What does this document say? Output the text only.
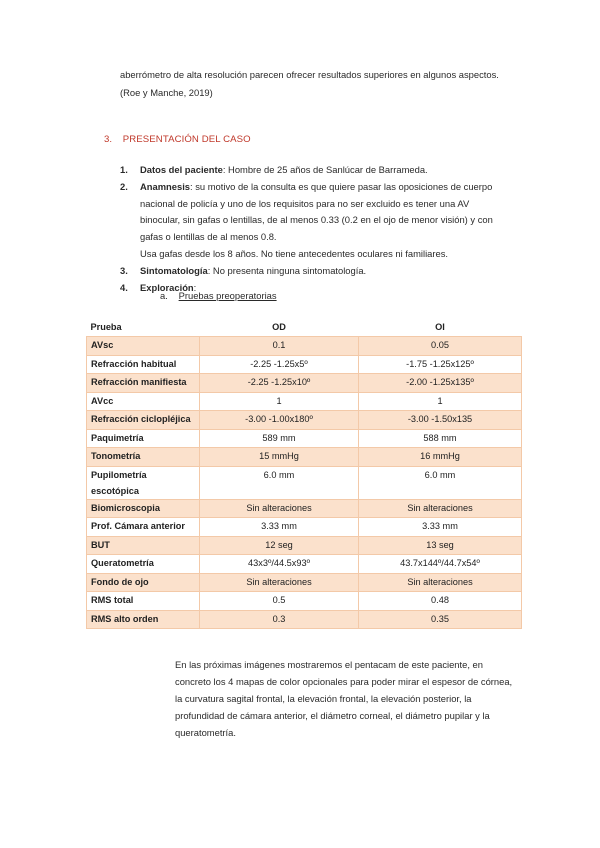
aberrómetro de alta resolución parecen ofrecer resultados superiores en algunos aspectos. (Roe y Manche, 2019)
3. PRESENTACIÓN DEL CASO
1. Datos del paciente: Hombre de 25 años de Sanlúcar de Barrameda.
2. Anamnesis: su motivo de la consulta es que quiere pasar las oposiciones de cuerpo nacional de policía y uno de los requisitos para no ser excluido es tener una AV binocular, sin gafas o lentillas, de al menos 0.33 (0.2 en el ojo de menor visión) y con gafas o lentillas de al menos 0.8.
Usa gafas desde los 8 años. No tiene antecedentes oculares ni familiares.
3. Sintomatología: No presenta ninguna sintomatología.
4. Exploración:
a. Pruebas preoperatorias
Prueba	OD	OI
AVsc	0.1	0.05
Refracción habitual	-2.25 -1.25x5º	-1.75 -1.25x125º
Refracción manifiesta	-2.25 -1.25x10º	-2.00 -1.25x135º
AVcc	1	1
Refracción ciclopléjica	-3.00 -1.00x180º	-3.00 -1.50x135
Paquimetría	589 mm	588 mm
Tonometría	15 mmHg	16 mmHg
Pupilometría escotópica	6.0 mm	6.0 mm
Biomicroscopia	Sin alteraciones	Sin alteraciones
Prof. Cámara anterior	3.33 mm	3.33 mm
BUT	12 seg	13 seg
Queratometría	43x3º/44.5x93º	43.7x144º/44.7x54º
Fondo de ojo	Sin alteraciones	Sin alteraciones
RMS total	0.5	0.48
RMS alto orden	0.3	0.35
En las próximas imágenes mostraremos el pentacam de este paciente, en concreto los 4 mapas de color opcionales para poder mirar el espesor de córnea, la curvatura sagital frontal, la elevación frontal, la elevación posterior, la profundidad de cámara anterior, el diámetro corneal, el diámetro pupilar y la queratometría.
